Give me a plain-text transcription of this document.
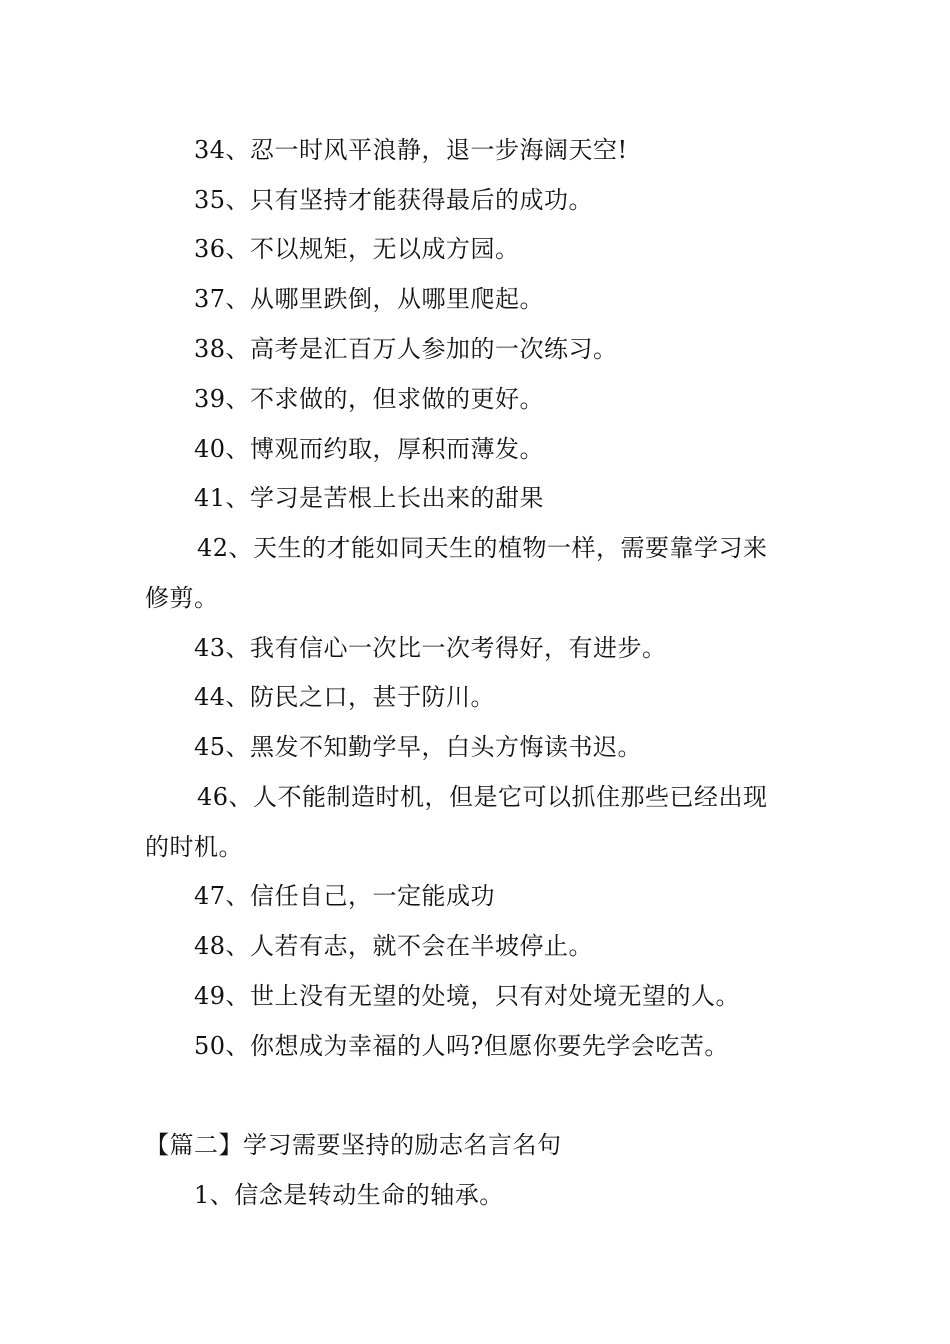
34、忍一时风平浪静，退一步海阔天空!
35、只有坚持才能获得最后的成功。
36、不以规矩，无以成方园。
37、从哪里跌倒，从哪里爬起。
38、高考是汇百万人参加的一次练习。
39、不求做的，但求做的更好。
40、博观而约取，厚积而薄发。
41、学习是苦根上长出来的甜果
42、天生的才能如同天生的植物一样，需要靠学习来
修剪。
43、我有信心一次比一次考得好，有进步。
44、防民之口，甚于防川。
45、黑发不知勤学早，白头方悔读书迟。
46、人不能制造时机，但是它可以抓住那些已经出现
的时机。
47、信任自己，一定能成功
48、人若有志，就不会在半坡停止。
49、世上没有无望的处境，只有对处境无望的人。
50、你想成为幸福的人吗?但愿你要先学会吃苦。
【篇二】学习需要坚持的励志名言名句
1、信念是转动生命的轴承。
